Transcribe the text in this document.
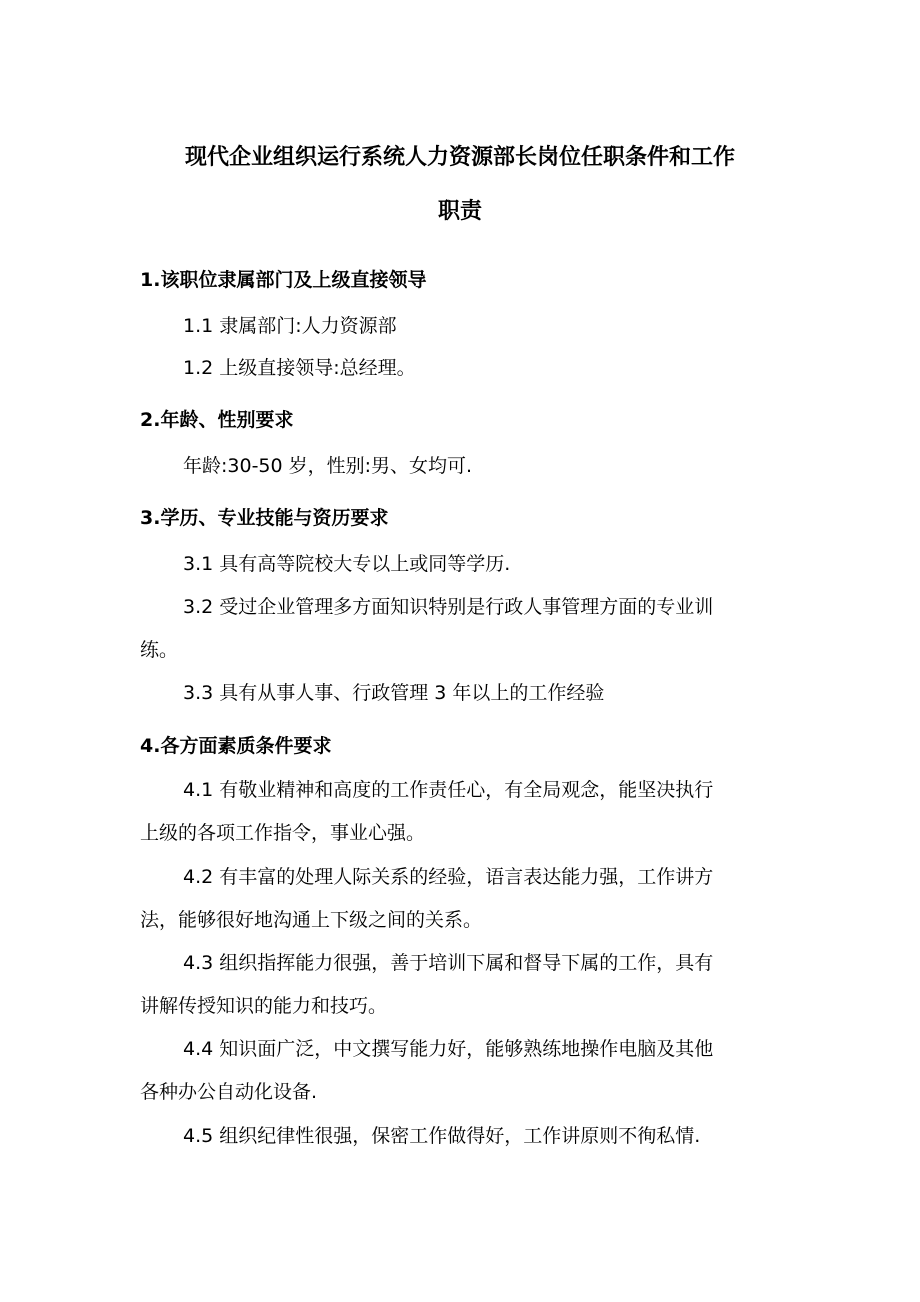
现代企业组织运行系统人力资源部长岗位任职条件和工作
职责
1.该职位隶属部门及上级直接领导

1.1 隶属部门:人力资源部

1.2 上级直接领导:总经理。

2.年龄、性别要求

年龄:30-50 岁，性别:男、女均可.

3.学历、专业技能与资历要求

3.1 具有高等院校大专以上或同等学历.

3.2 受过企业管理多方面知识特别是行政人事管理方面的专业训

练。

3.3 具有从事人事、行政管理 3 年以上的工作经验

4.各方面素质条件要求

4.1 有敬业精神和高度的工作责任心，有全局观念，能坚决执行

上级的各项工作指令，事业心强。

4.2 有丰富的处理人际关系的经验，语言表达能力强，工作讲方

法，能够很好地沟通上下级之间的关系。

4.3 组织指挥能力很强，善于培训下属和督导下属的工作，具有

讲解传授知识的能力和技巧。

4.4 知识面广泛，中文撰写能力好，能够熟练地操作电脑及其他

各种办公自动化设备.

4.5 组织纪律性很强，保密工作做得好，工作讲原则不徇私情.
